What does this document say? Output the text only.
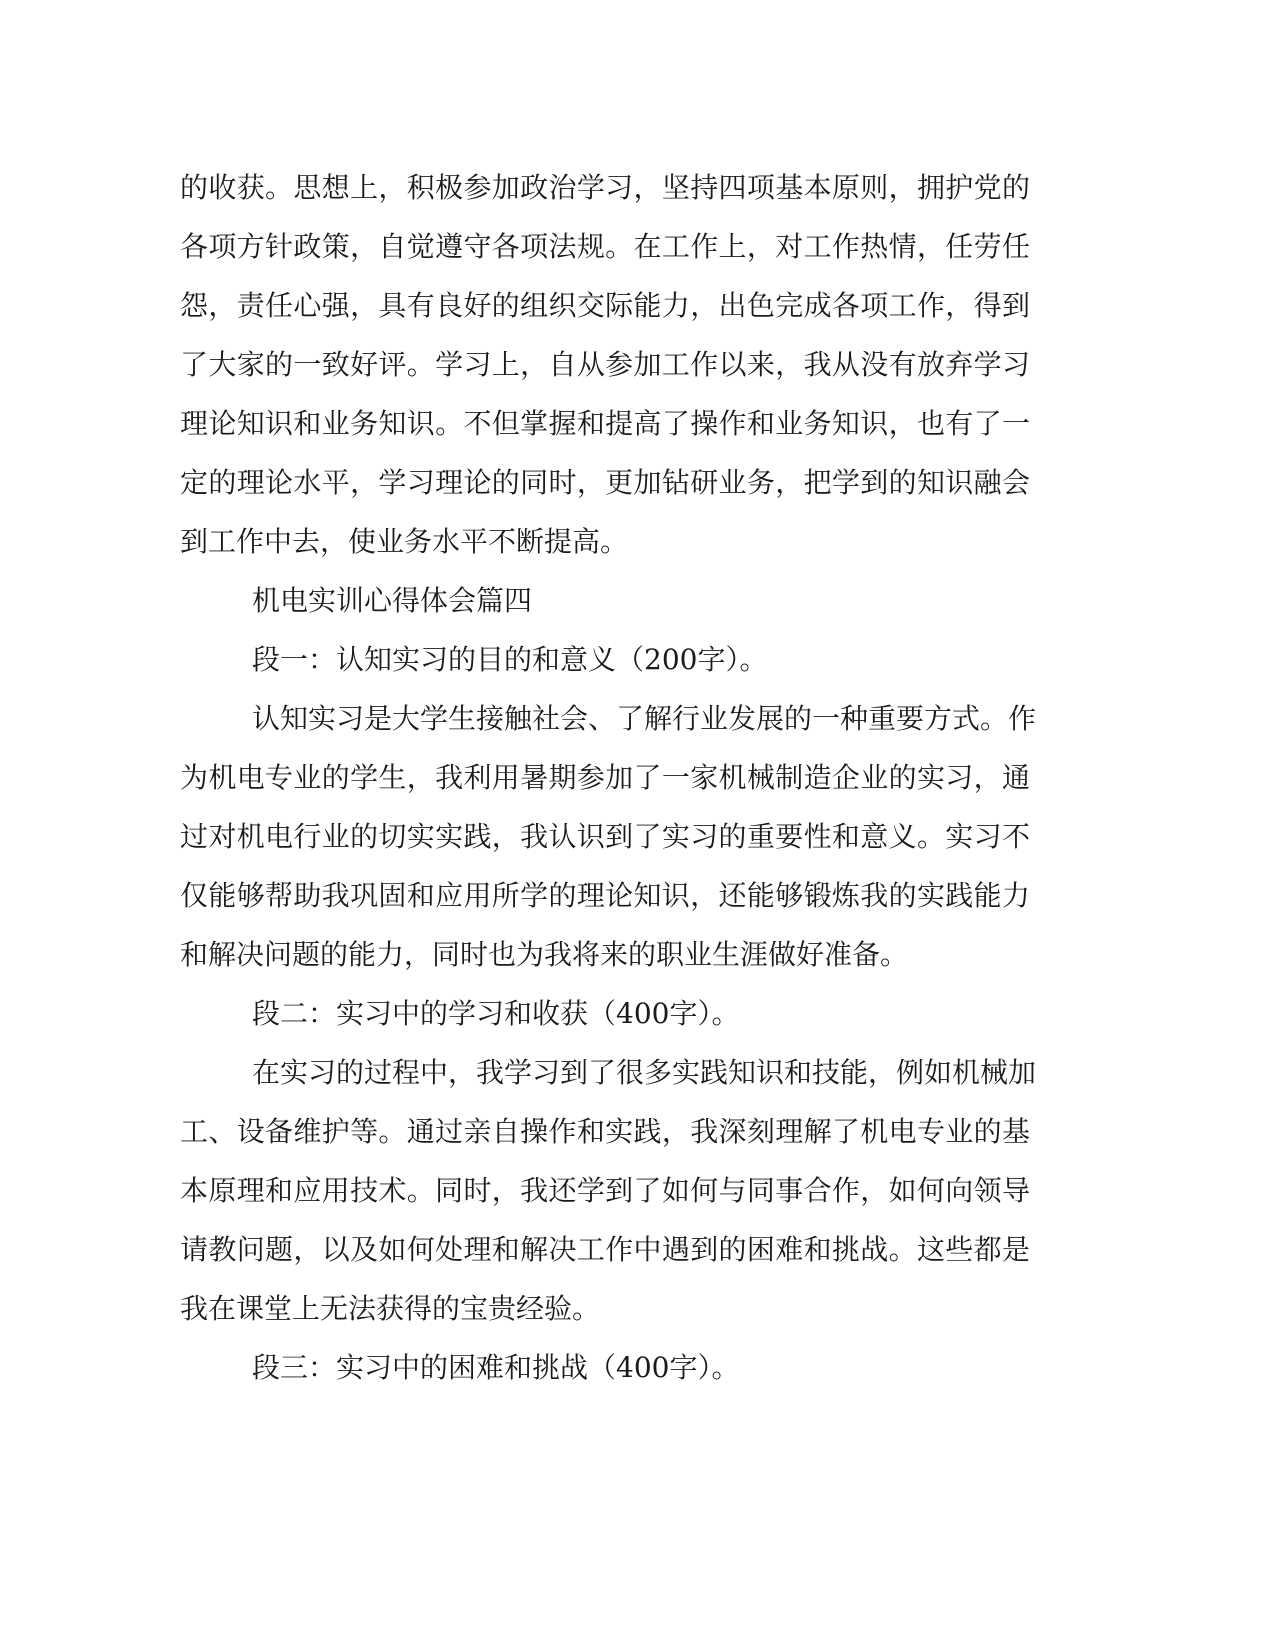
的收获。思想上，积极参加政治学习，坚持四项基本原则，拥护党的
各项方针政策，自觉遵守各项法规。在工作上，对工作热情，任劳任
怨，责任心强，具有良好的组织交际能力，出色完成各项工作，得到
了大家的一致好评。学习上，自从参加工作以来，我从没有放弃学习
理论知识和业务知识。不但掌握和提高了操作和业务知识，也有了一
定的理论水平，学习理论的同时，更加钻研业务，把学到的知识融会
到工作中去，使业务水平不断提高。
机电实训心得体会篇四
段一：认知实习的目的和意义（200字）。
认知实习是大学生接触社会、了解行业发展的一种重要方式。作
为机电专业的学生，我利用暑期参加了一家机械制造企业的实习，通
过对机电行业的切实实践，我认识到了实习的重要性和意义。实习不
仅能够帮助我巩固和应用所学的理论知识，还能够锻炼我的实践能力
和解决问题的能力，同时也为我将来的职业生涯做好准备。
段二：实习中的学习和收获（400字）。
在实习的过程中，我学习到了很多实践知识和技能，例如机械加
工、设备维护等。通过亲自操作和实践，我深刻理解了机电专业的基
本原理和应用技术。同时，我还学到了如何与同事合作，如何向领导
请教问题，以及如何处理和解决工作中遇到的困难和挑战。这些都是
我在课堂上无法获得的宝贵经验。
段三：实习中的困难和挑战（400字）。
